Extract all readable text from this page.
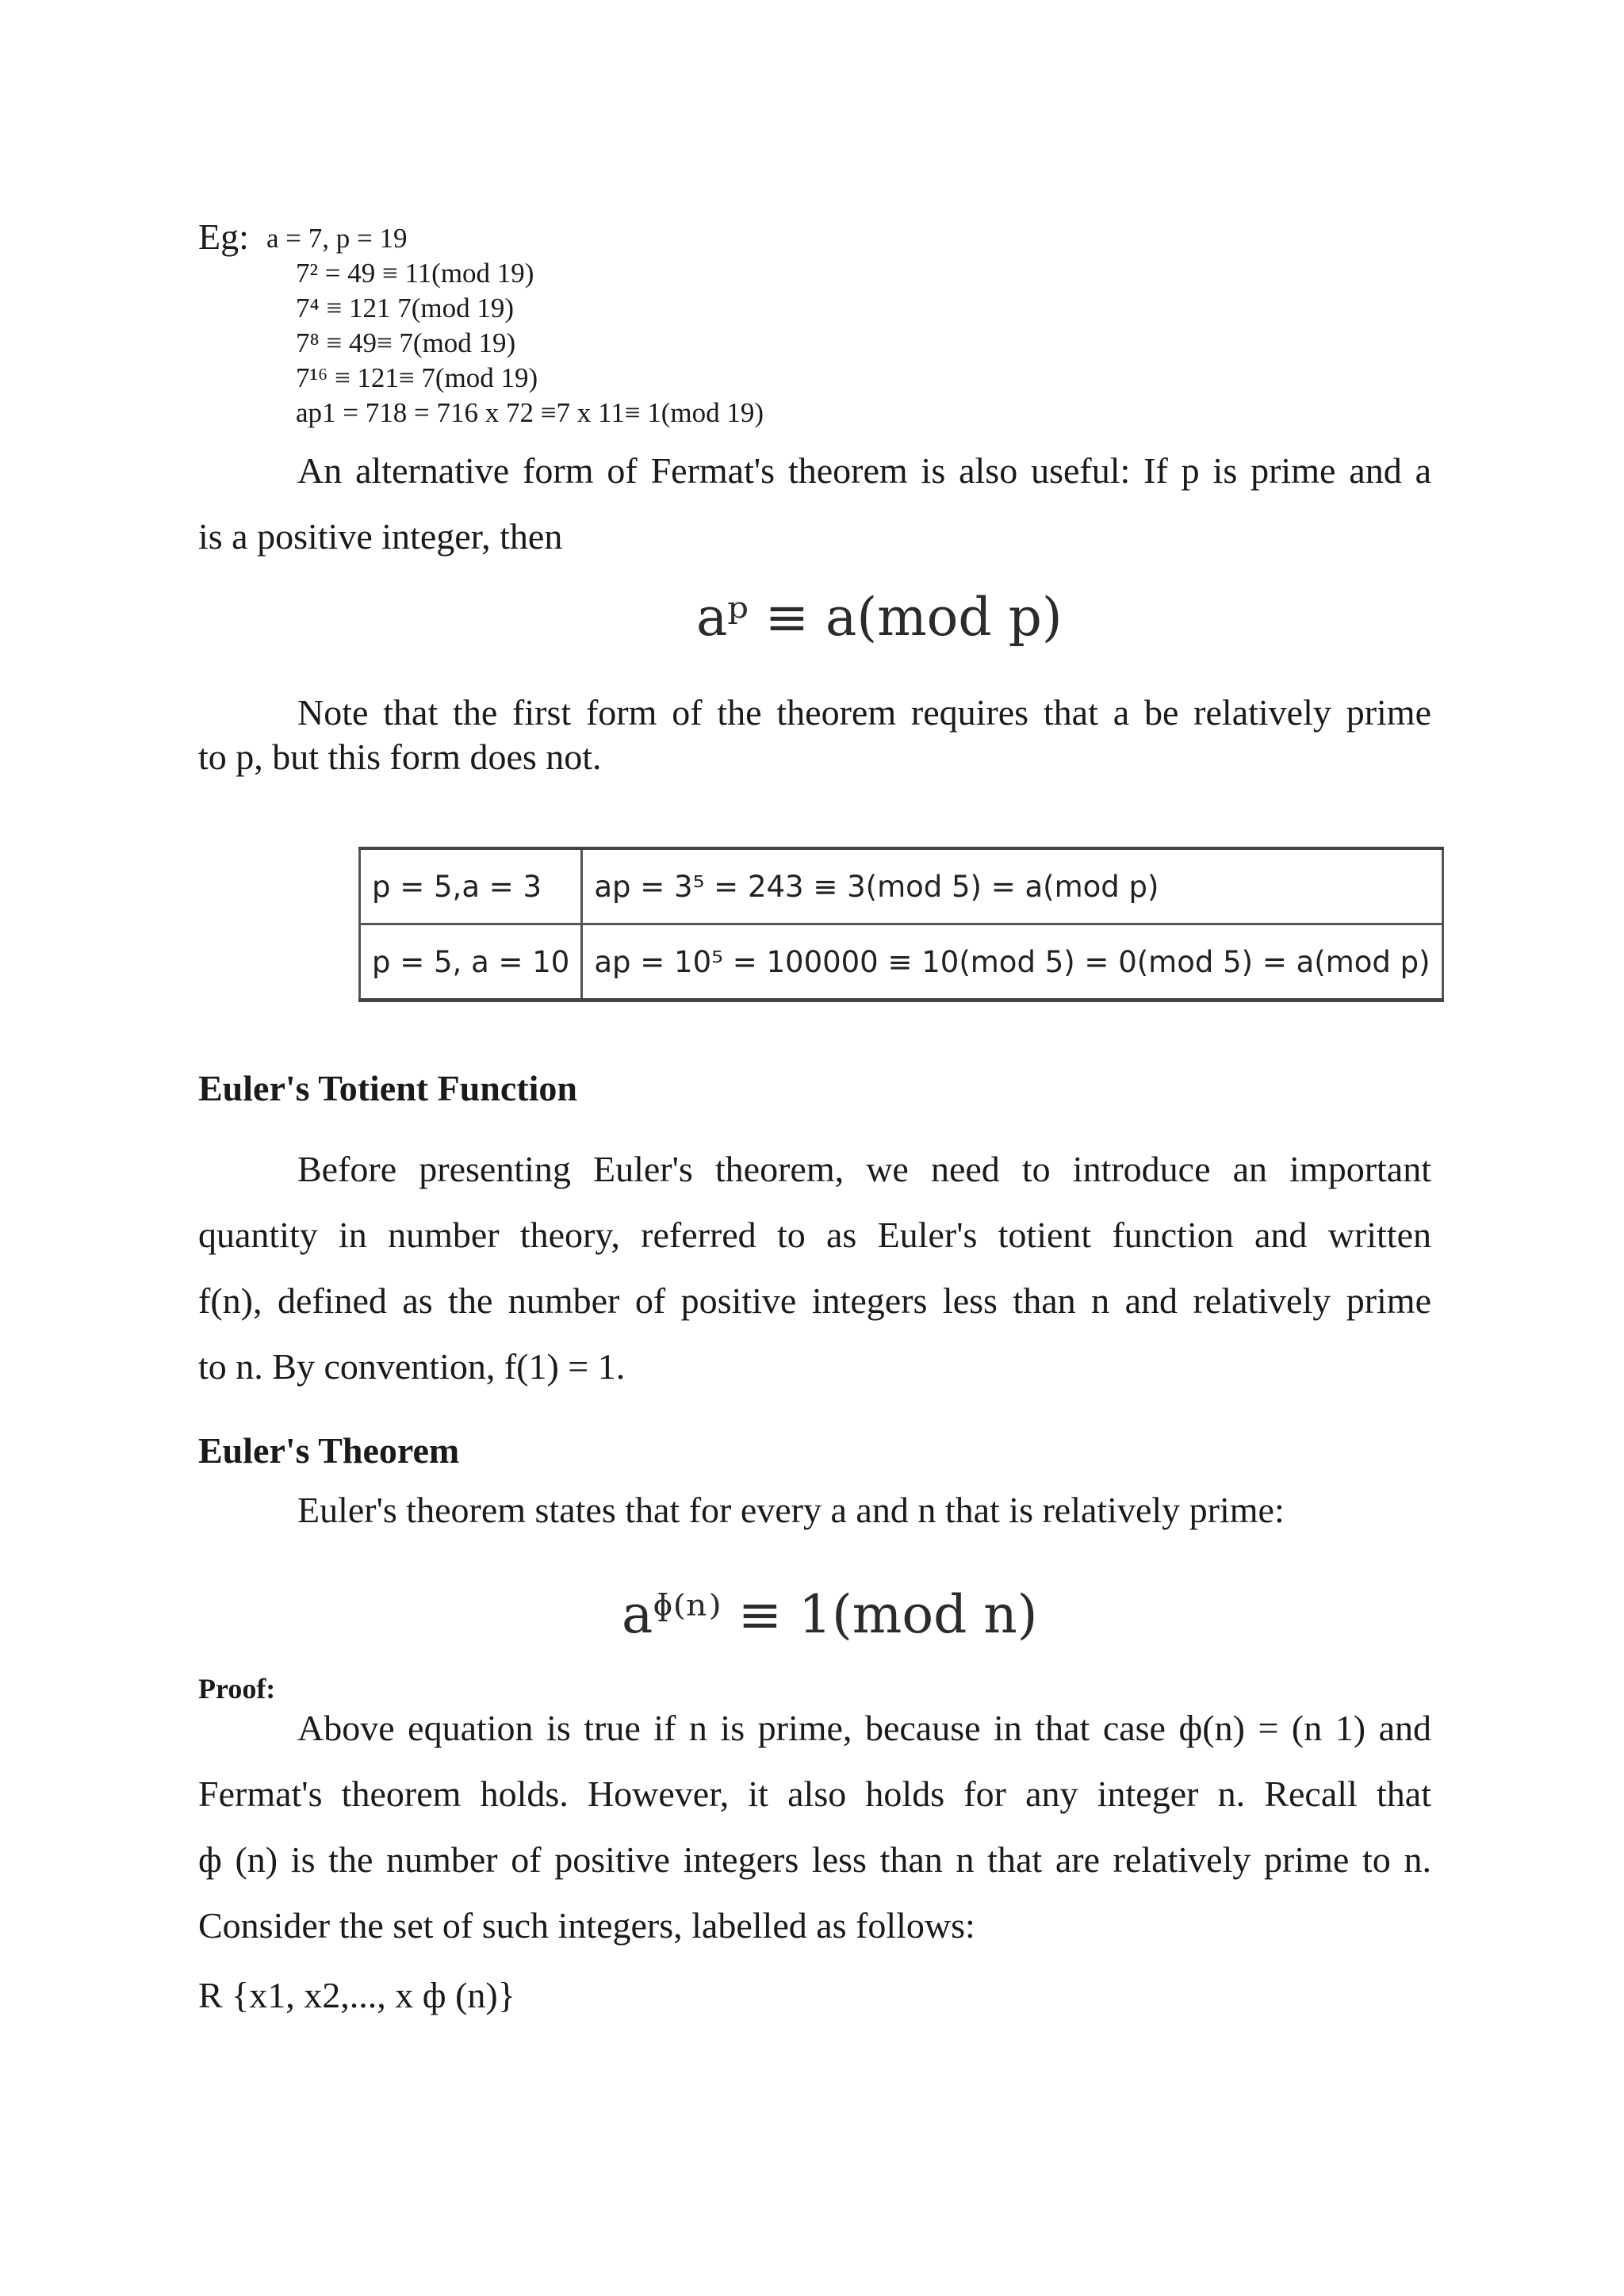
Eg: a = 7, p = 19
7² = 49 ≡ 11(mod 19)
7⁴ ≡ 121 7(mod 19)
7⁸ ≡ 49≡ 7(mod 19)
7¹⁶ ≡ 121≡ 7(mod 19)
ap1 = 718 = 716 x 72 ≡7 x 11≡ 1(mod 19)
An alternative form of Fermat's theorem is also useful: If p is prime and a
is a positive integer, then
aᵖ ≡ a(mod p)
Note that the first form of the theorem requires that a be relatively prime
to p, but this form does not.
p = 5,a = 3	ap = 3⁵ = 243 ≡ 3(mod 5) = a(mod p)
p = 5, a = 10	ap = 10⁵ = 100000 ≡ 10(mod 5) = 0(mod 5) = a(mod p)
Euler's Totient Function
Before presenting Euler's theorem, we need to introduce an important
quantity in number theory, referred to as Euler's totient function and written
f(n), defined as the number of positive integers less than n and relatively prime
to n. By convention, f(1) = 1.
Euler's Theorem
Euler's theorem states that for every a and n that is relatively prime:
aᶲ⁽ⁿ⁾ ≡ 1(mod n)
Proof:
Above equation is true if n is prime, because in that case ф(n) = (n 1) and
Fermat's theorem holds. However, it also holds for any integer n. Recall that
ф (n) is the number of positive integers less than n that are relatively prime to n.
Consider the set of such integers, labelled as follows:
R {x1, x2,..., x ф (n)}
